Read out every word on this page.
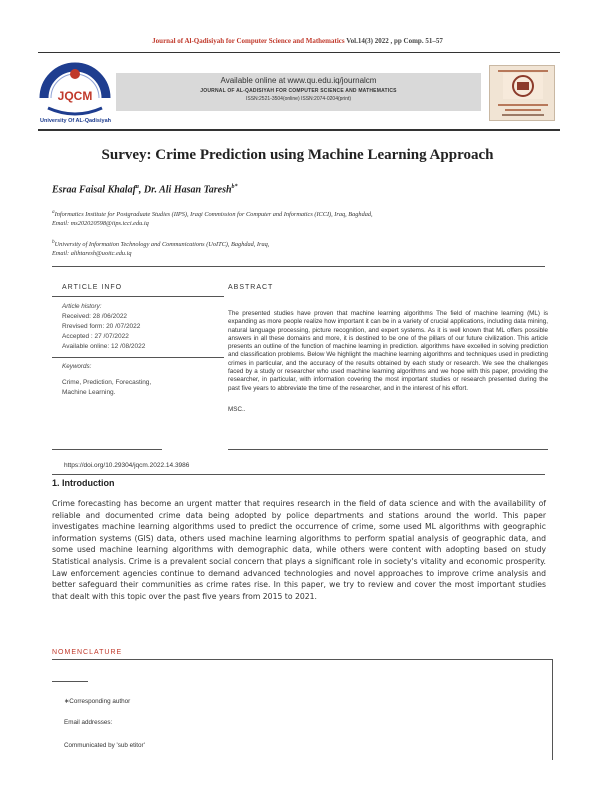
Journal of Al-Qadisiyah for Computer Science and Mathematics Vol.14(3) 2022 , pp Comp. 51–57
JQCM
University Of AL-Qadisiyah
Available online at www.qu.edu.iq/journalcm
JOURNAL OF AL-QADISIYAH FOR COMPUTER SCIENCE AND MATHEMATICS
ISSN:2521-3504(online) ISSN:2074-0204(print)
Survey: Crime Prediction using Machine Learning Approach
Esraa Faisal Khalaf$^a$, Dr. Ali Hasan Taresh$^{b*}$
$^a$Informatics Institute for Postgraduate Studies (IIPS), Iraqi Commission for Computer and Informatics (ICCI), Iraq, Baghdad,
Email: ms202020598@iips.icci.edu.iq
$^b$University of Information Technology and Communications (UoITC), Baghdad, Iraq,
Email: alihtaresh@uoitc.edu.iq
ARTICLE INFO
Article history:
Received: 28 /06/2022
Rrevised form: 20 /07/2022
Accepted : 27 /07/2022
Available online: 12 /08/2022
Keywords:
Crime, Prediction, Forecasting,
Machine Learning.
ABSTRACT
The presented studies have proven that machine learning algorithms The field of machine learning (ML) is expanding as more people realize how important it can be in a variety of crucial applications, including data mining, natural language processing, picture recognition, and expert systems. As it is well known that ML offers possible answers in all these domains and more, it is destined to be one of the pillars of our future civilization. This article presents an outline of the function of machine learning in prediction. algorithms have excelled in solving prediction and classification problems. Below We highlight the machine learning algorithms and techniques used in predicting crimes in particular, and the accuracy of the results obtained by each study or research. We see the challenges faced by a study or researcher who used machine learning algorithms and we hope with this paper, providing the researcher, in particular, with information covering the most important studies or research presented during the past five years to abbreviate the time of the researcher, and in the interest of his effort.
MSC..
https://doi.org/10.29304/jqcm.2022.14.3986
1. Introduction
Crime forecasting has become an urgent matter that requires research in the field of data science and with the availability of reliable and documented crime data being adopted by police departments and stations around the world. This paper investigates machine learning algorithms used to predict the occurrence of crime, some used ML algorithms with geographic information systems (GIS) data, others used machine learning algorithms to perform spatial analysis of geographic data, and some used machine learning algorithms with demographic data, while others were content with adopting based on study Statistical analysis. Crime is a prevalent social concern that plays a significant role in society's vitality and economic prosperity. Law enforcement agencies continue to demand advanced technologies and novel approaches to improve crime analysis and better safeguard their communities as crime rates rise. In this paper, we try to review and cover the most important studies that dealt with this topic over the past five years from 2015 to 2021.
NOMENCLATURE
∗Corresponding author
Email addresses:
Communicated by 'sub etitor'
